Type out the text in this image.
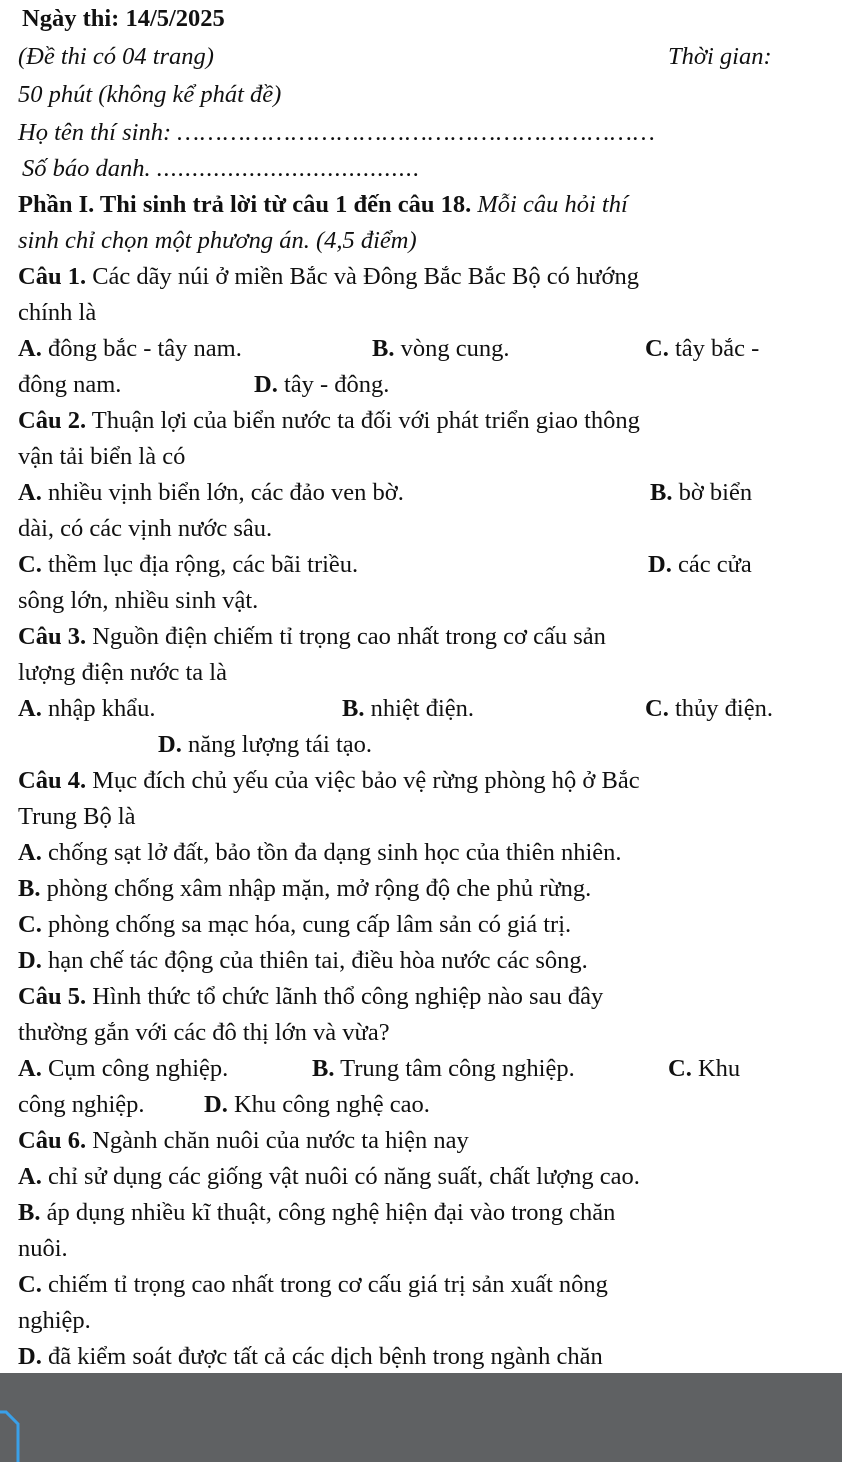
Ngày thi: 14/5/2025
(Đề thi có 04 trang)	Thời gian:
50 phút (không kể phát đề)
Họ tên thí sinh: ………………………………………………………
Số báo danh. .....................................
Phần I. Thi sinh trả lời từ câu 1 đến câu 18. Mỗi câu hỏi thí
sinh chỉ chọn một phương án. (4,5 điểm)
Câu 1. Các dãy núi ở miền Bắc và Đông Bắc Bắc Bộ có hướng
chính là
A. đông bắc - tây nam.	B. vòng cung.	C. tây bắc -
đông nam.	D. tây - đông.
Câu 2. Thuận lợi của biển nước ta đối với phát triển giao thông
vận tải biển là có
A. nhiều vịnh biển lớn, các đảo ven bờ.	B. bờ biển
dài, có các vịnh nước sâu.
C. thềm lục địa rộng, các bãi triều.	D. các cửa
sông lớn, nhiều sinh vật.
Câu 3. Nguồn điện chiếm tỉ trọng cao nhất trong cơ cấu sản
lượng điện nước ta là
A. nhập khẩu.	B. nhiệt điện.	C. thủy điện.
D. năng lượng tái tạo.
Câu 4. Mục đích chủ yếu của việc bảo vệ rừng phòng hộ ở Bắc
Trung Bộ là
A. chống sạt lở đất, bảo tồn đa dạng sinh học của thiên nhiên.
B. phòng chống xâm nhập mặn, mở rộng độ che phủ rừng.
C. phòng chống sa mạc hóa, cung cấp lâm sản có giá trị.
D. hạn chế tác động của thiên tai, điều hòa nước các sông.
Câu 5. Hình thức tổ chức lãnh thổ công nghiệp nào sau đây
thường gắn với các đô thị lớn và vừa?
A. Cụm công nghiệp.	B. Trung tâm công nghiệp.	C. Khu
công nghiệp. D. Khu công nghệ cao.
Câu 6. Ngành chăn nuôi của nước ta hiện nay
A. chỉ sử dụng các giống vật nuôi có năng suất, chất lượng cao.
B. áp dụng nhiều kĩ thuật, công nghệ hiện đại vào trong chăn
nuôi.
C. chiếm tỉ trọng cao nhất trong cơ cấu giá trị sản xuất nông
nghiệp.
D. đã kiểm soát được tất cả các dịch bệnh trong ngành chăn
